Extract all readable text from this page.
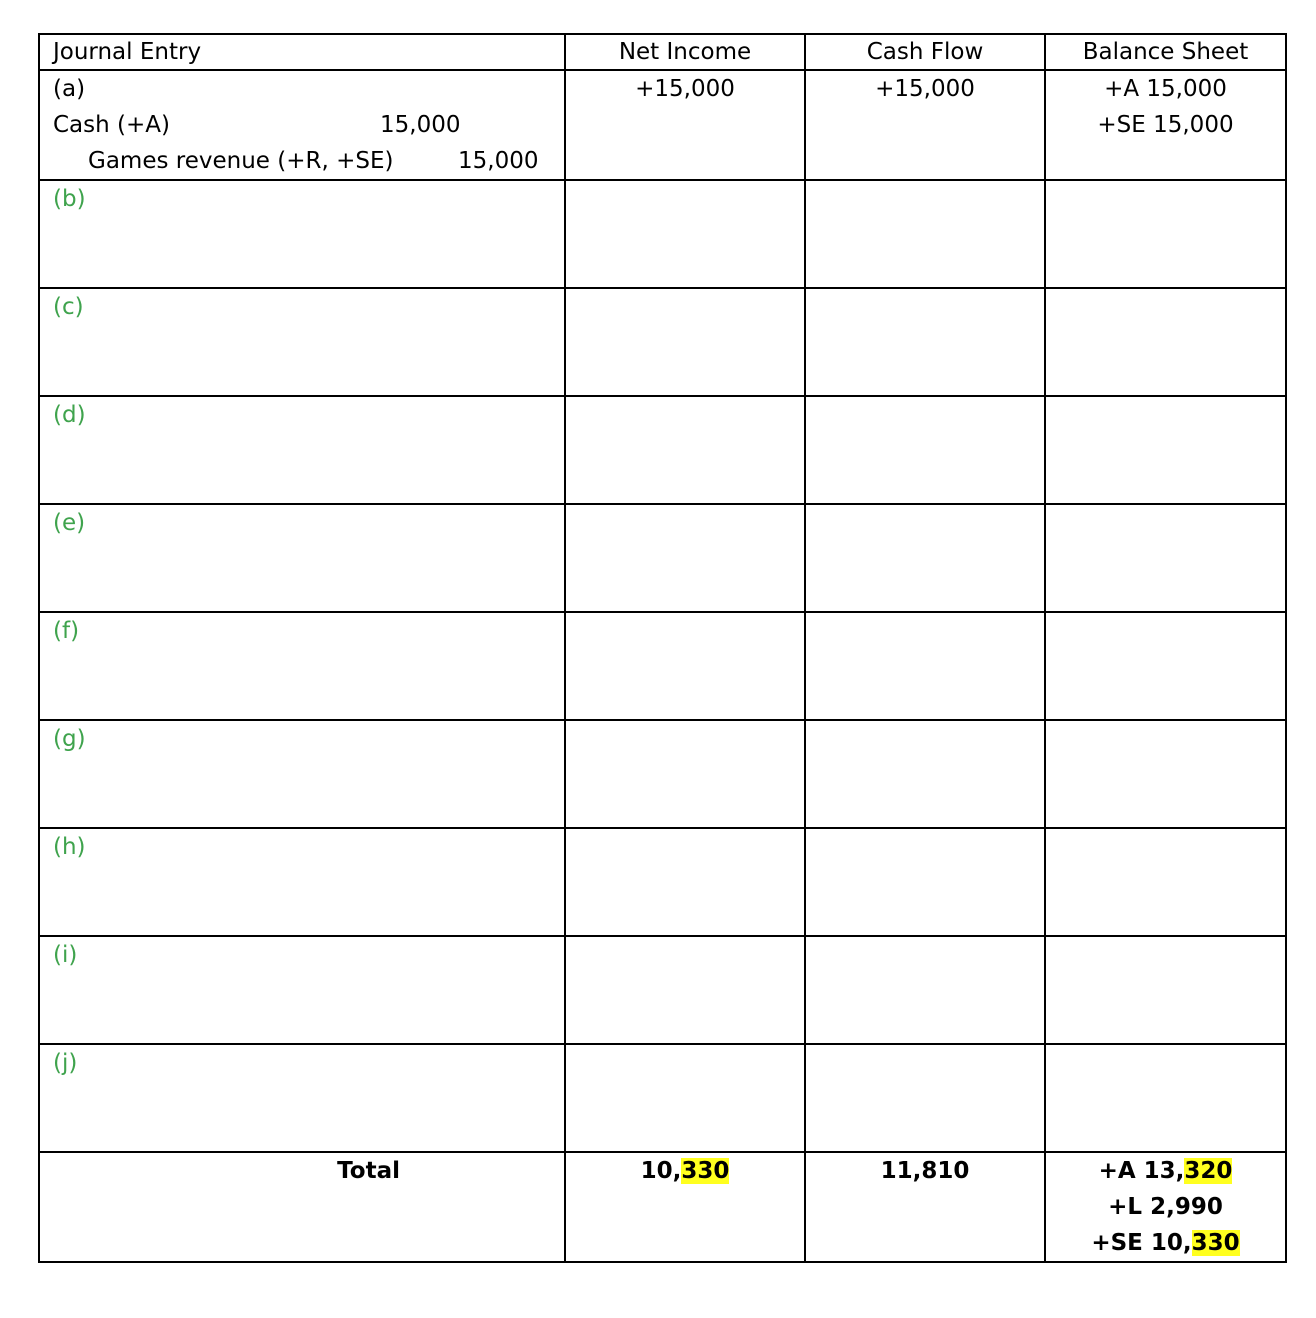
Journal Entry	Net Income	Cash Flow	Balance Sheet

(a)
Cash (+A) 15,000
Games revenue (+R, +SE) 15,000	+15,000	+15,000	+A 15,000
+SE 15,000

(b)			

(c)			

(d)			

(e)			

(f)			

(g)			

(h)			

(i)			

(j)			

Total	10,330	11,810	+A 13,320
+L 2,990
+SE 10,330
